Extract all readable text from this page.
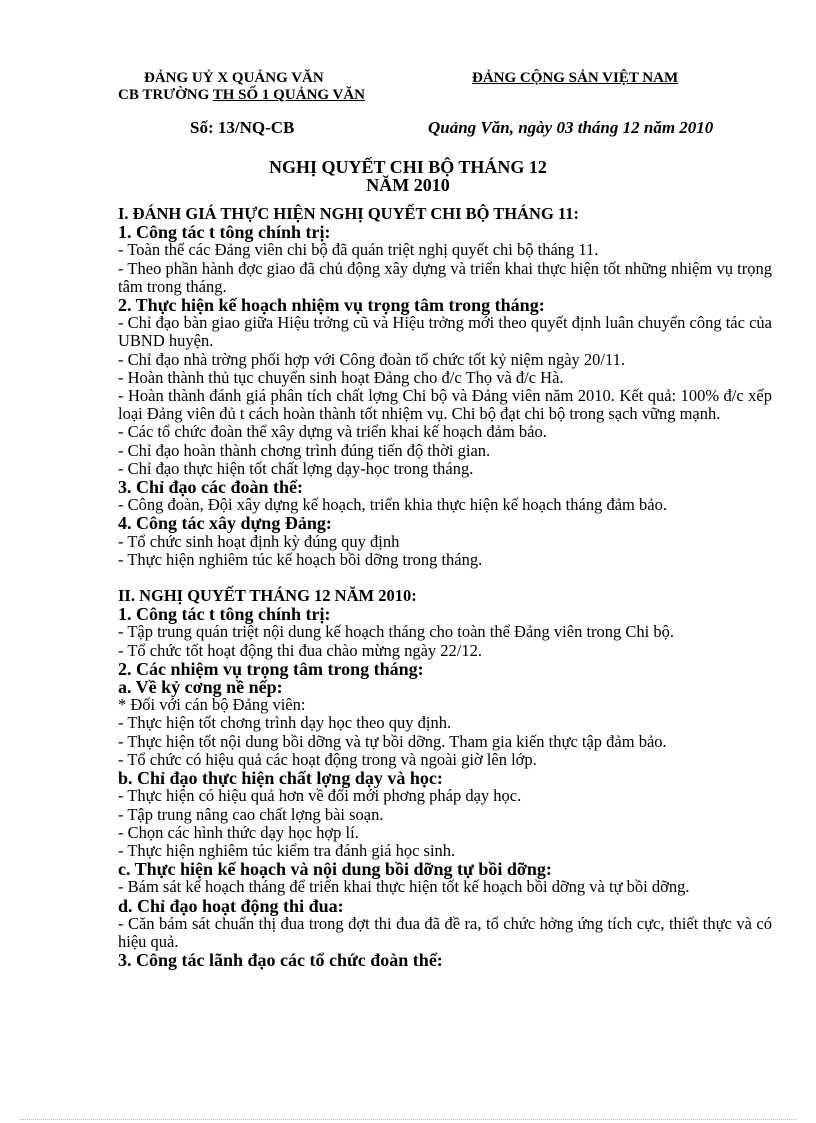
ĐẢNG UỶ X QUẢNG VĂN
CB TRƯỜNG TH SỐ 1 QUẢNG VĂN
ĐẢNG CỘNG SẢN VIỆT NAM
Số: 13/NQ-CB	Quảng Văn, ngày 03 tháng 12 năm 2010
NGHỊ QUYẾT CHI BỘ THÁNG 12
NĂM 2010

I. ĐÁNH GIÁ THỰC HIỆN NGHỊ QUYẾT CHI BỘ THÁNG 11:

1. Công tác t tông chính trị:

- Toàn thể các Đảng viên chi bộ đã quán triệt nghị quyết chi bộ tháng 11.

- Theo phần hành đợc giao đã chủ động xây dựng và triển khai thực hiện tốt những nhiệm vụ trọng tâm trong tháng.

2. Thực hiện kế hoạch nhiệm vụ trọng tâm trong tháng:

- Chỉ đạo bàn giao giữa Hiệu trởng cũ và Hiệu trởng mới theo quyết định luân chuyển công tác của UBND huyện.

- Chỉ đạo nhà trờng phối hợp với Công đoàn tổ chức tốt kỷ niệm ngày 20/11.

- Hoàn thành thủ tục chuyển sinh hoạt Đảng cho đ/c Thọ và đ/c Hà.

- Hoàn thành đánh giá phân tích chất lợng Chi bộ và Đảng viên năm 2010. Kết quả: 100% đ/c xếp loại Đảng viên đủ t cách hoàn thành tốt nhiệm vụ. Chi bộ đạt chi bộ trong sạch vững mạnh.

- Các tổ chức đoàn thể xây dựng và triển khai kế hoạch đảm bảo.

- Chỉ đạo hoàn thành chơng trình đúng tiến độ thời gian.

- Chỉ đạo thực hiện tốt chất lợng dạy-học trong tháng.

3. Chỉ đạo các đoàn thể:

- Công đoàn, Đội xây dựng kế hoạch, triển khia thực hiện kế hoạch tháng đảm bảo.

4. Công tác xây dựng Đảng:

- Tổ chức sinh hoạt định kỳ đúng quy định

- Thực hiện nghiêm túc kế hoạch bồi dỡng trong tháng.

II. NGHỊ QUYẾT THÁNG 12 NĂM 2010:

1. Công tác t tông chính trị:

- Tập trung quán triệt nội dung kế hoạch tháng cho toàn thể Đảng viên trong Chi bộ.

- Tổ chức tốt hoạt động thi đua chào mừng ngày 22/12.

2. Các nhiệm vụ trọng tâm trong tháng:

a. Về kỷ cơng nề nếp:

* Đối với cán bộ Đảng viên:

- Thực hiện tốt chơng trình dạy học theo quy định.

- Thực hiện tốt nội dung bồi dỡng và tự bồi dỡng. Tham gia kiến thực tập đảm bảo.

- Tổ chức có hiệu quả các hoạt động trong và ngoài giờ lên lớp.

b. Chỉ đạo thực hiện chất lợng dạy và học:

- Thực hiện có hiệu quả hơn về đổi mới phơng pháp dạy học.

- Tập trung nâng cao chất lợng bài soạn.

- Chọn các hình thức dạy học hợp lí.

- Thực hiện nghiêm túc kiểm tra đánh giá học sinh.

c. Thực hiện kế hoạch và nội dung bồi dỡng tự bồi dỡng:

- Bám sát kế hoạch tháng để triển khai thực hiện tốt kế hoạch bồi dỡng và tự bồi dỡng.

d. Chỉ đạo hoạt động thi đua:

- Căn bám sát chuẩn thị đua trong đợt thi đua đã đề ra, tổ chức hởng ứng tích cực, thiết thực và có hiệu quả.

3. Công tác lãnh đạo các tổ chức đoàn thể:
